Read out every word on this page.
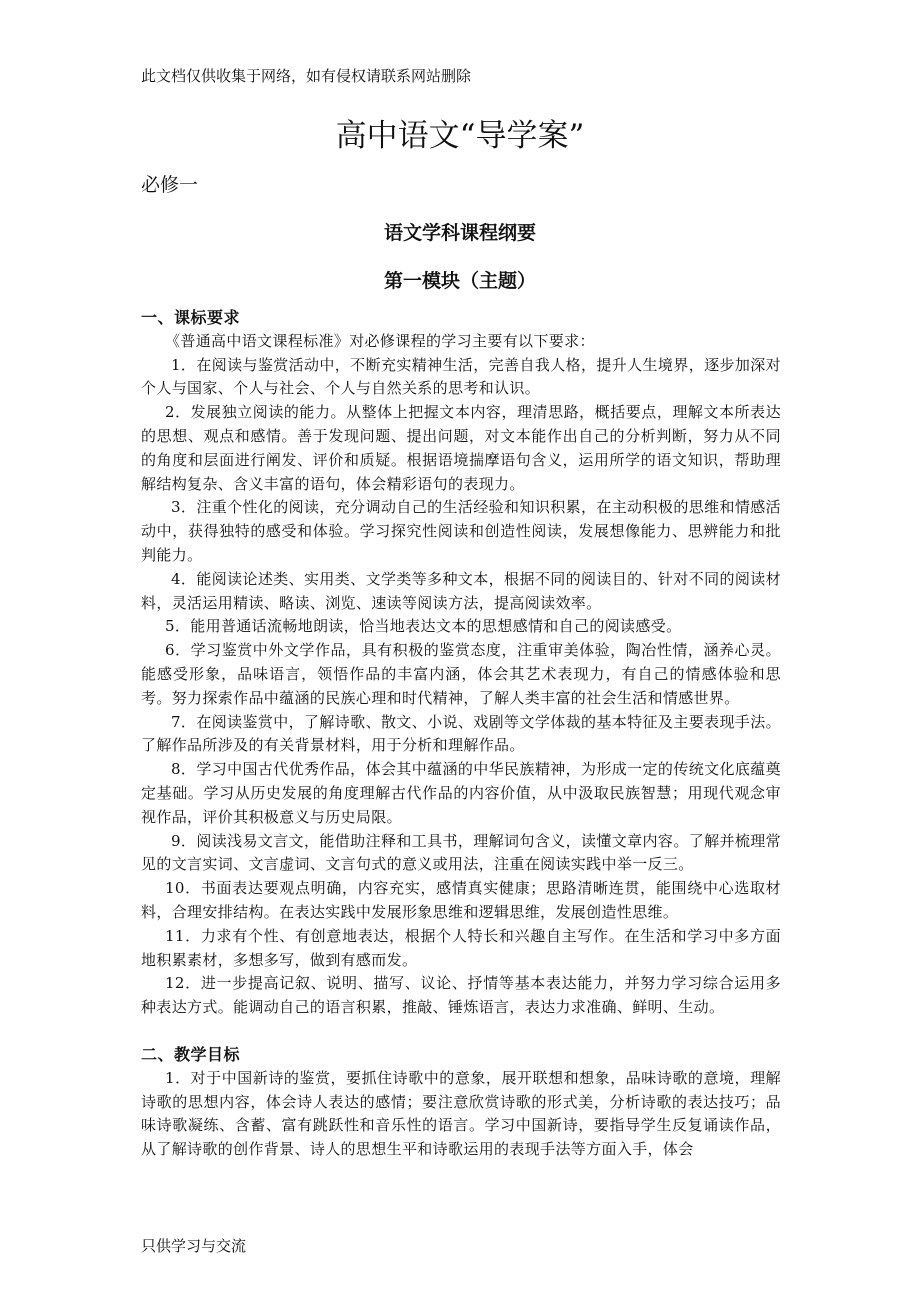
此文档仅供收集于网络，如有侵权请联系网站删除
高中语文“导学案”
必修一
语文学科课程纲要
第一模块（主题）

一、课标要求

《普通高中语文课程标准》对必修课程的学习主要有以下要求：

1．在阅读与鉴赏活动中，不断充实精神生活，完善自我人格，提升人生境界，逐步加深对个人与国家、个人与社会、个人与自然关系的思考和认识。

2．发展独立阅读的能力。从整体上把握文本内容，理清思路，概括要点，理解文本所表达的思想、观点和感情。善于发现问题、提出问题，对文本能作出自己的分析判断，努力从不同的角度和层面进行阐发、评价和质疑。根据语境揣摩语句含义，运用所学的语文知识，帮助理解结构复杂、含义丰富的语句，体会精彩语句的表现力。

3．注重个性化的阅读，充分调动自己的生活经验和知识积累，在主动积极的思维和情感活动中，获得独特的感受和体验。学习探究性阅读和创造性阅读，发展想像能力、思辨能力和批判能力。

4．能阅读论述类、实用类、文学类等多种文本，根据不同的阅读目的、针对不同的阅读材料，灵活运用精读、略读、浏览、速读等阅读方法，提高阅读效率。

5．能用普通话流畅地朗读，恰当地表达文本的思想感情和自己的阅读感受。

6．学习鉴赏中外文学作品，具有积极的鉴赏态度，注重审美体验，陶冶性情，涵养心灵。能感受形象，品味语言，领悟作品的丰富内涵，体会其艺术表现力，有自己的情感体验和思考。努力探索作品中蕴涵的民族心理和时代精神，了解人类丰富的社会生活和情感世界。

7．在阅读鉴赏中，了解诗歌、散文、小说、戏剧等文学体裁的基本特征及主要表现手法。了解作品所涉及的有关背景材料，用于分析和理解作品。

8．学习中国古代优秀作品，体会其中蕴涵的中华民族精神，为形成一定的传统文化底蕴奠定基础。学习从历史发展的角度理解古代作品的内容价值，从中汲取民族智慧；用现代观念审视作品，评价其积极意义与历史局限。

9．阅读浅易文言文，能借助注释和工具书，理解词句含义，读懂文章内容。了解并梳理常见的文言实词、文言虚词、文言句式的意义或用法，注重在阅读实践中举一反三。

10．书面表达要观点明确，内容充实，感情真实健康；思路清晰连贯，能围绕中心选取材料，合理安排结构。在表达实践中发展形象思维和逻辑思维，发展创造性思维。

11．力求有个性、有创意地表达，根据个人特长和兴趣自主写作。在生活和学习中多方面地积累素材，多想多写，做到有感而发。

12．进一步提高记叙、说明、描写、议论、抒情等基本表达能力，并努力学习综合运用多种表达方式。能调动自己的语言积累，推敲、锤炼语言，表达力求准确、鲜明、生动。

二、教学目标

1．对于中国新诗的鉴赏，要抓住诗歌中的意象，展开联想和想象，品味诗歌的意境，理解诗歌的思想内容，体会诗人表达的感情；要注意欣赏诗歌的形式美，分析诗歌的表达技巧；品味诗歌凝练、含蓄、富有跳跃性和音乐性的语言。学习中国新诗，要指导学生反复诵读作品，从了解诗歌的创作背景、诗人的思想生平和诗歌运用的表现手法等方面入手，体会

只供学习与交流
